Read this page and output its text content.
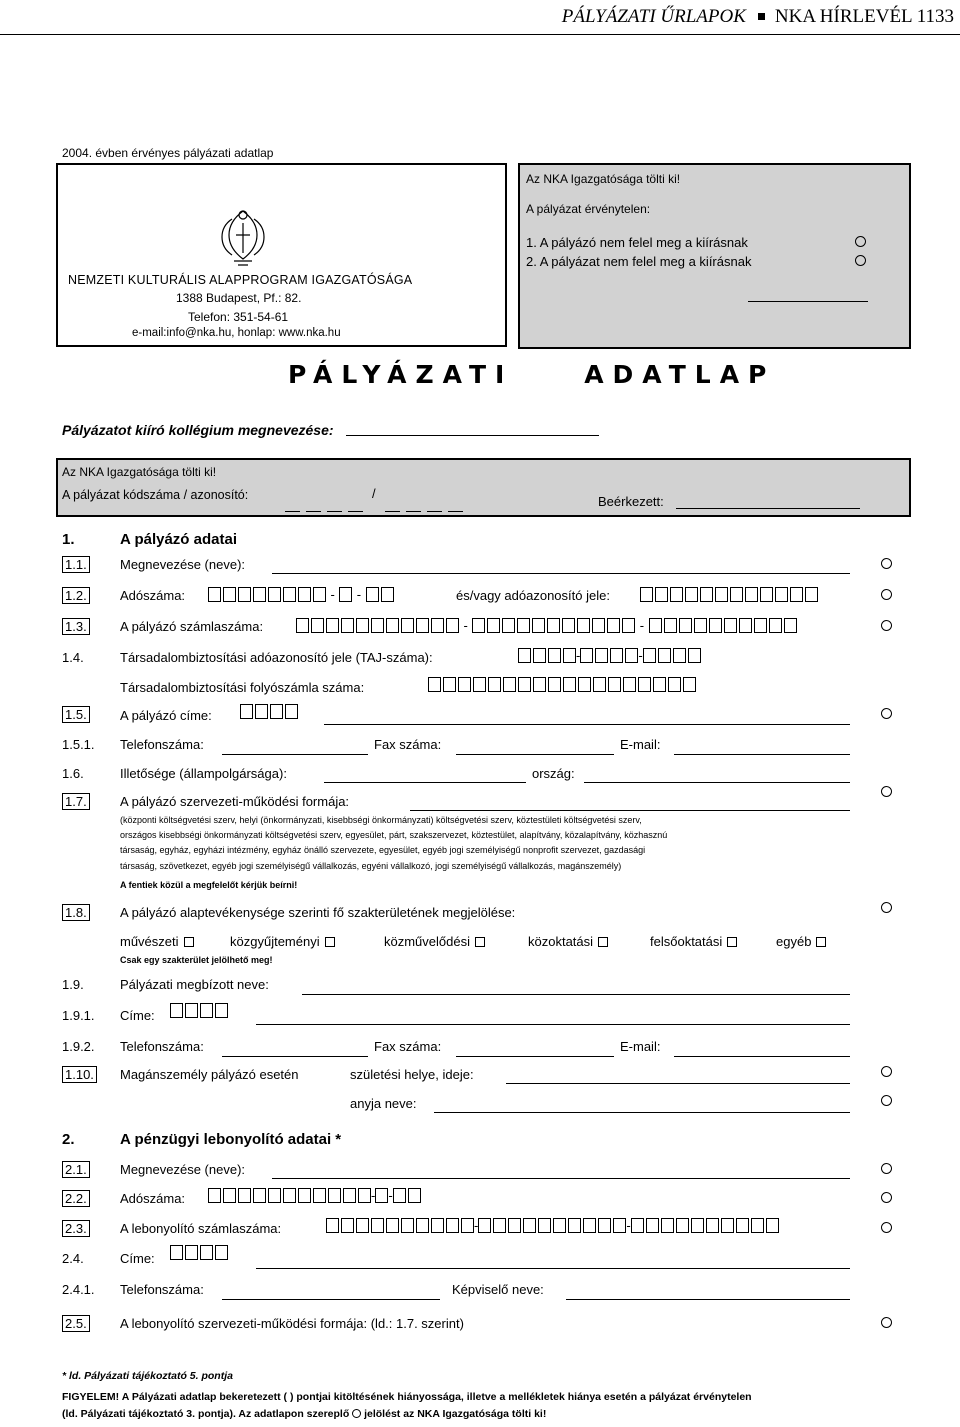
PÁLYÁZATI ŰRLAPOK NKA HÍRLEVÉL 1133
2004. évben érvényes pályázati adatlap
NEMZETI KULTURÁLIS ALAPPROGRAM IGAZGATÓSÁGA
1388 Budapest, Pf.: 82.
Telefon: 351-54-61
e-mail:info@nka.hu, honlap: www.nka.hu
Az NKA Igazgatósága tölti ki!
A pályázat érvénytelen:
1. A pályázó nem felel meg a kiírásnak
2. A pályázat nem felel meg a kiírásnak
PÁLYÁZATI	ADATLAP
Pályázatot kiíró kollégium megnevezése:
Az NKA Igazgatósága tölti ki!
A pályázat kódszáma / azonosító:	/
Beérkezett:
1.	A pályázó adatai
1.1.	Megnevezése (neve):
1.2.	Adószáma:	- -	és/vagy adóazonosító jele:
1.3.	A pályázó számlaszáma:	-	-
1.4.	Társadalombiztosítási adóazonosító jele (TAJ-száma):	-	-
Társadalombiztosítási folyószámla száma:
1.5.	A pályázó címe:
1.5.1. Telefonszáma:	Fax száma:	E-mail:
1.6.	Illetősége (állampolgársága):	ország:
1.7.	A pályázó szervezeti-működési formája:
(központi költségvetési szerv, helyi (önkormányzati, kisebbségi önkormányzati) költségvetési szerv, köztestületi költségvetési szerv,
országos kisebbségi önkormányzati költségvetési szerv, egyesület, párt, szakszervezet, köztestület, alapítvány, közalapítvány, közhasznú
társaság, egyház, egyházi intézmény, egyház önálló szervezete, egyesület, egyéb jogi személyiségű nonprofit szervezet, gazdasági
társaság, szövetkezet, egyéb jogi személyiségű vállalkozás, egyéni vállalkozó, jogi személyiségű vállalkozás, magánszemély)
A fentiek közül a megfelelőt kérjük beírni!
1.8.	A pályázó alaptevékenysége szerinti fő szakterületének megjelölése:
művészeti	közgyűjteményi	közművelődési	közoktatási	felsőoktatási	egyéb
Csak egy szakterület jelölhető meg!
1.9.	Pályázati megbízott neve:
1.9.1. Címe:
1.9.2. Telefonszáma:	Fax száma:	E-mail:
1.10. Magánszemély pályázó esetén	születési helye, ideje:
anyja neve:
2.	A pénzügyi lebonyolító adatai *
2.1.	Megnevezése (neve):
2.2.	Adószáma:	- -
2.3.	A lebonyolító számlaszáma:	-	-
2.4.	Címe:
2.4.1. Telefonszáma:	Képviselő neve:
2.5.	A lebonyolító szervezeti-működési formája: (ld.: 1.7. szerint)
* ld. Pályázati tájékoztató 5. pontja
FIGYELEM! A Pályázati adatlap bekeretezett ( ) pontjai kitöltésének hiányossága, illetve a mellékletek hiánya esetén a pályázat érvénytelen
(ld. Pályázati tájékoztató 3. pontja). Az adatlapon szereplő jelölést az NKA Igazgatósága tölti ki!
